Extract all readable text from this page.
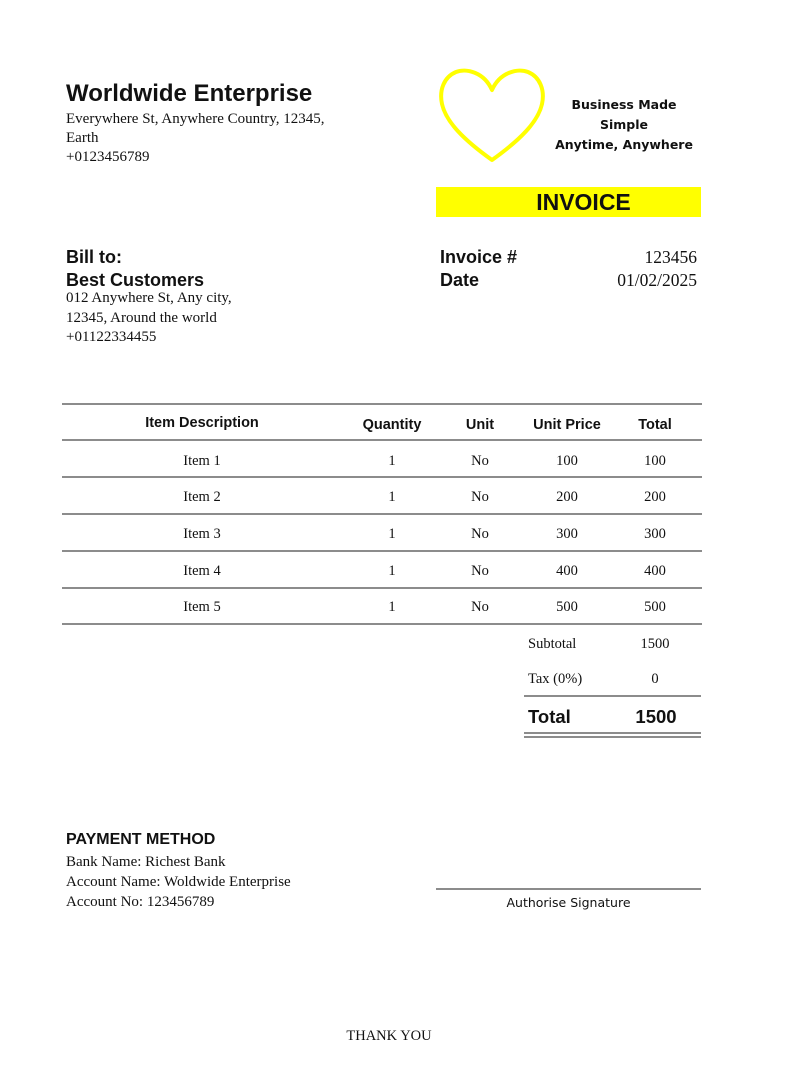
Worldwide Enterprise
Everywhere St, Anywhere Country, 12345,
Earth
+0123456789
Business Made Simple
Anytime, Anywhere
INVOICE
Bill to:
Best Customers
012 Anywhere St, Any city,
12345, Around the world
+01122334455
Invoice #	123456
Date	01/02/2025
Item Description	Quantity	Unit	Unit Price	Total
Item 1	1	No	100	100
Item 2	1	No	200	200
Item 3	1	No	300	300
Item 4	1	No	400	400
Item 5	1	No	500	500
Subtotal	1500
Tax (0%)	0
Total	1500
PAYMENT METHOD
Bank Name: Richest Bank
Account Name: Woldwide Enterprise
Account No: 123456789	Authorise Signature
THANK YOU
